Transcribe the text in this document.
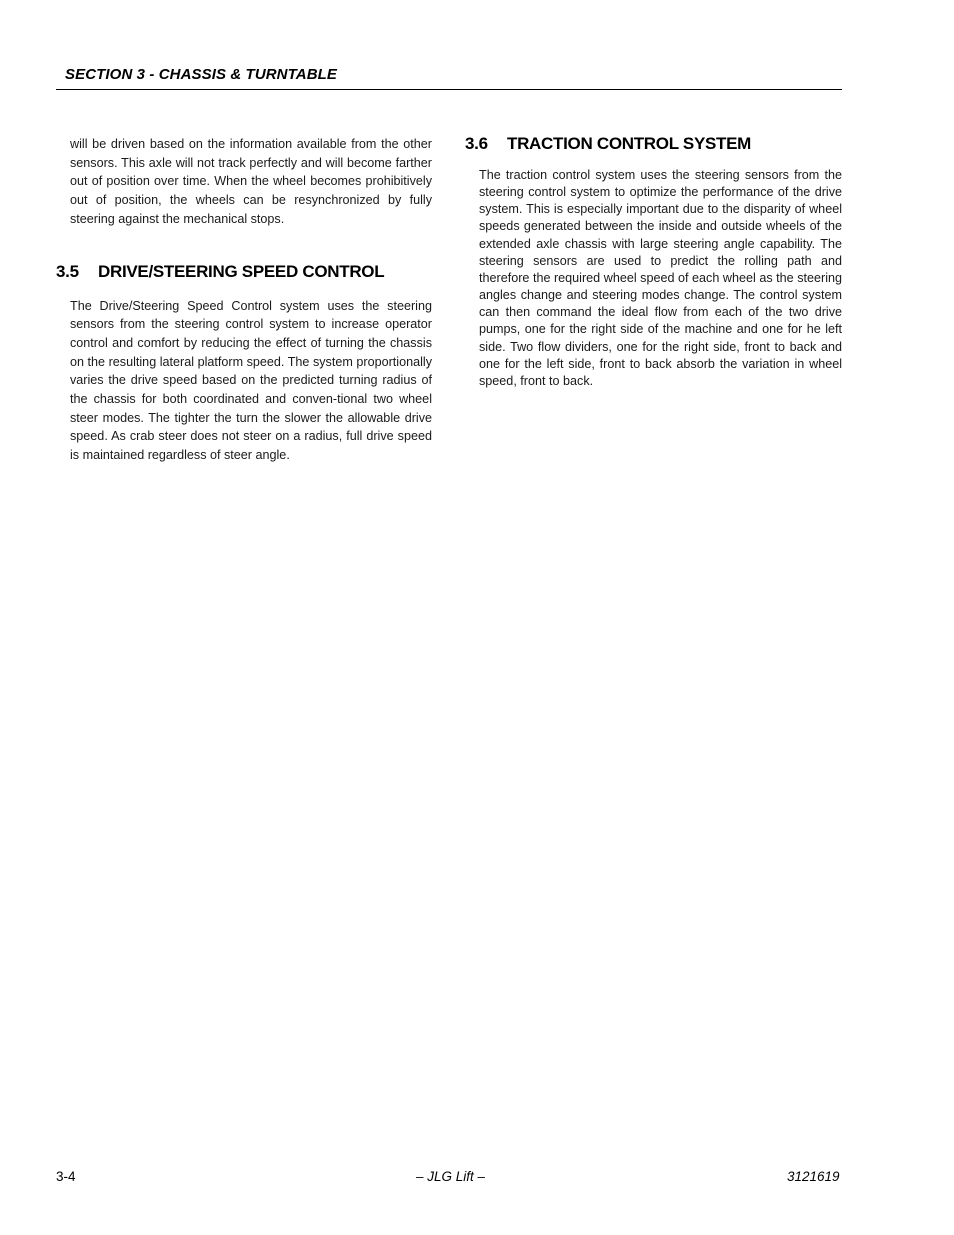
SECTION 3 - CHASSIS & TURNTABLE

will be driven based on the information available from the other sensors. This axle will not track perfectly and will become farther out of position over time. When the wheel becomes prohibitively out of position, the wheels can be resynchronized by fully steering against the mechanical stops.

3.5 DRIVE/STEERING SPEED CONTROL

The Drive/Steering Speed Control system uses the steering sensors from the steering control system to increase operator control and comfort by reducing the effect of turning the chassis on the resulting lateral platform speed. The system proportionally varies the drive speed based on the predicted turning radius of the chassis for both coordinated and conven-tional two wheel steer modes. The tighter the turn the slower the allowable drive speed. As crab steer does not steer on a radius, full drive speed is maintained regardless of steer angle.

3.6 TRACTION CONTROL SYSTEM

The traction control system uses the steering sensors from the steering control system to optimize the performance of the drive system. This is especially important due to the disparity of wheel speeds generated between the inside and outside wheels of the extended axle chassis with large steering angle capability. The steering sensors are used to predict the rolling path and therefore the required wheel speed of each wheel as the steering angles change and steering modes change. The control system can then command the ideal flow from each of the two drive pumps, one for the right side of the machine and one for he left side. Two flow dividers, one for the right side, front to back and one for the left side, front to back absorb the variation in wheel speed, front to back.

3-4	– JLG Lift –	3121619
